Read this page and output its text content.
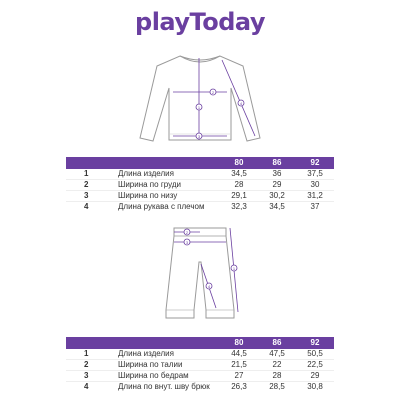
playToday
1
2
3
4
		80	86	92
1	Длина изделия	34,5	36	37,5
2	Ширина по груди	28	29	30
3	Ширина по низу	29,1	30,2	31,2
4	Длина рукава с плечом	32,3	34,5	37
1
2
3
4
		80	86	92
1	Длина изделия	44,5	47,5	50,5
2	Ширина по талии	21,5	22	22,5
3	Ширина по бедрам	27	28	29
4	Длина по внут. шву брюк	26,3	28,5	30,8
